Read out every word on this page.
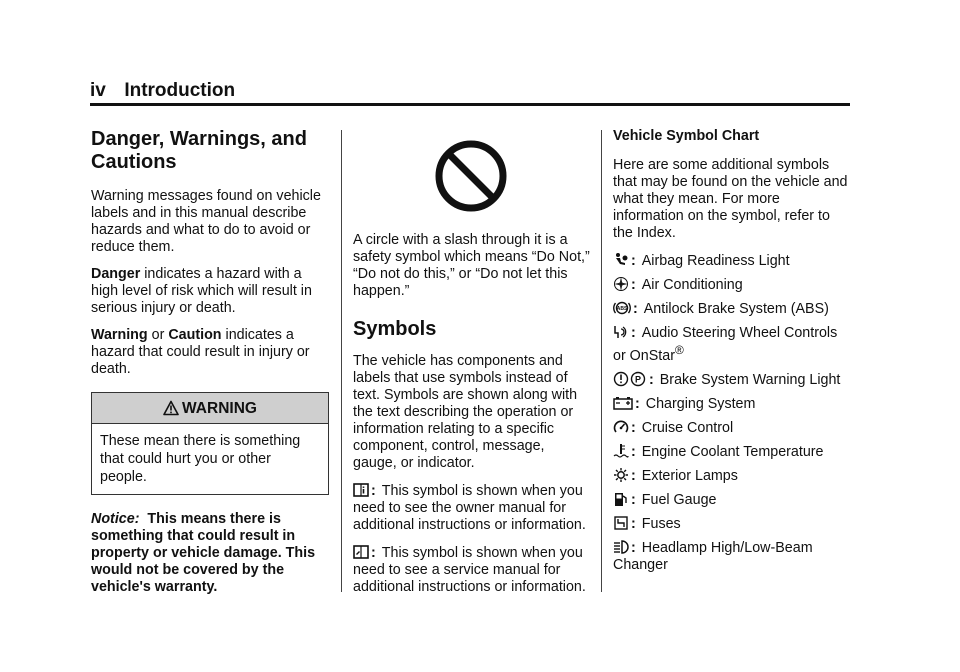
iv Introduction
Danger, Warnings, and Cautions

Warning messages found on vehicle labels and in this manual describe hazards and what to do to avoid or reduce them.

Danger indicates a hazard with a high level of risk which will result in serious injury or death.

Warning or Caution indicates a hazard that could result in injury or death.

WARNING
These mean there is something that could hurt you or other people.

Notice: This means there is something that could result in property or vehicle damage. This would not be covered by the vehicle's warranty.

A circle with a slash through it is a safety symbol which means “Do Not,” “Do not do this,” or “Do not let this happen.”

Symbols

The vehicle has components and labels that use symbols instead of text. Symbols are shown along with the text describing the operation or information relating to a specific component, control, message, gauge, or indicator.

: This symbol is shown when you need to see the owner manual for additional instructions or information.

: This symbol is shown when you need to see a service manual for additional instructions or information.

Vehicle Symbol Chart

Here are some additional symbols that may be found on the vehicle and what they mean. For more information on the symbol, refer to the Index.

: Airbag Readiness Light
: Air Conditioning
ABS : Antilock Brake System (ABS)
: Audio Steering Wheel Controls or OnStar®
P : Brake System Warning Light
: Charging System
: Cruise Control
: Engine Coolant Temperature
: Exterior Lamps
: Fuel Gauge
: Fuses
: Headlamp High/Low-Beam Changer
